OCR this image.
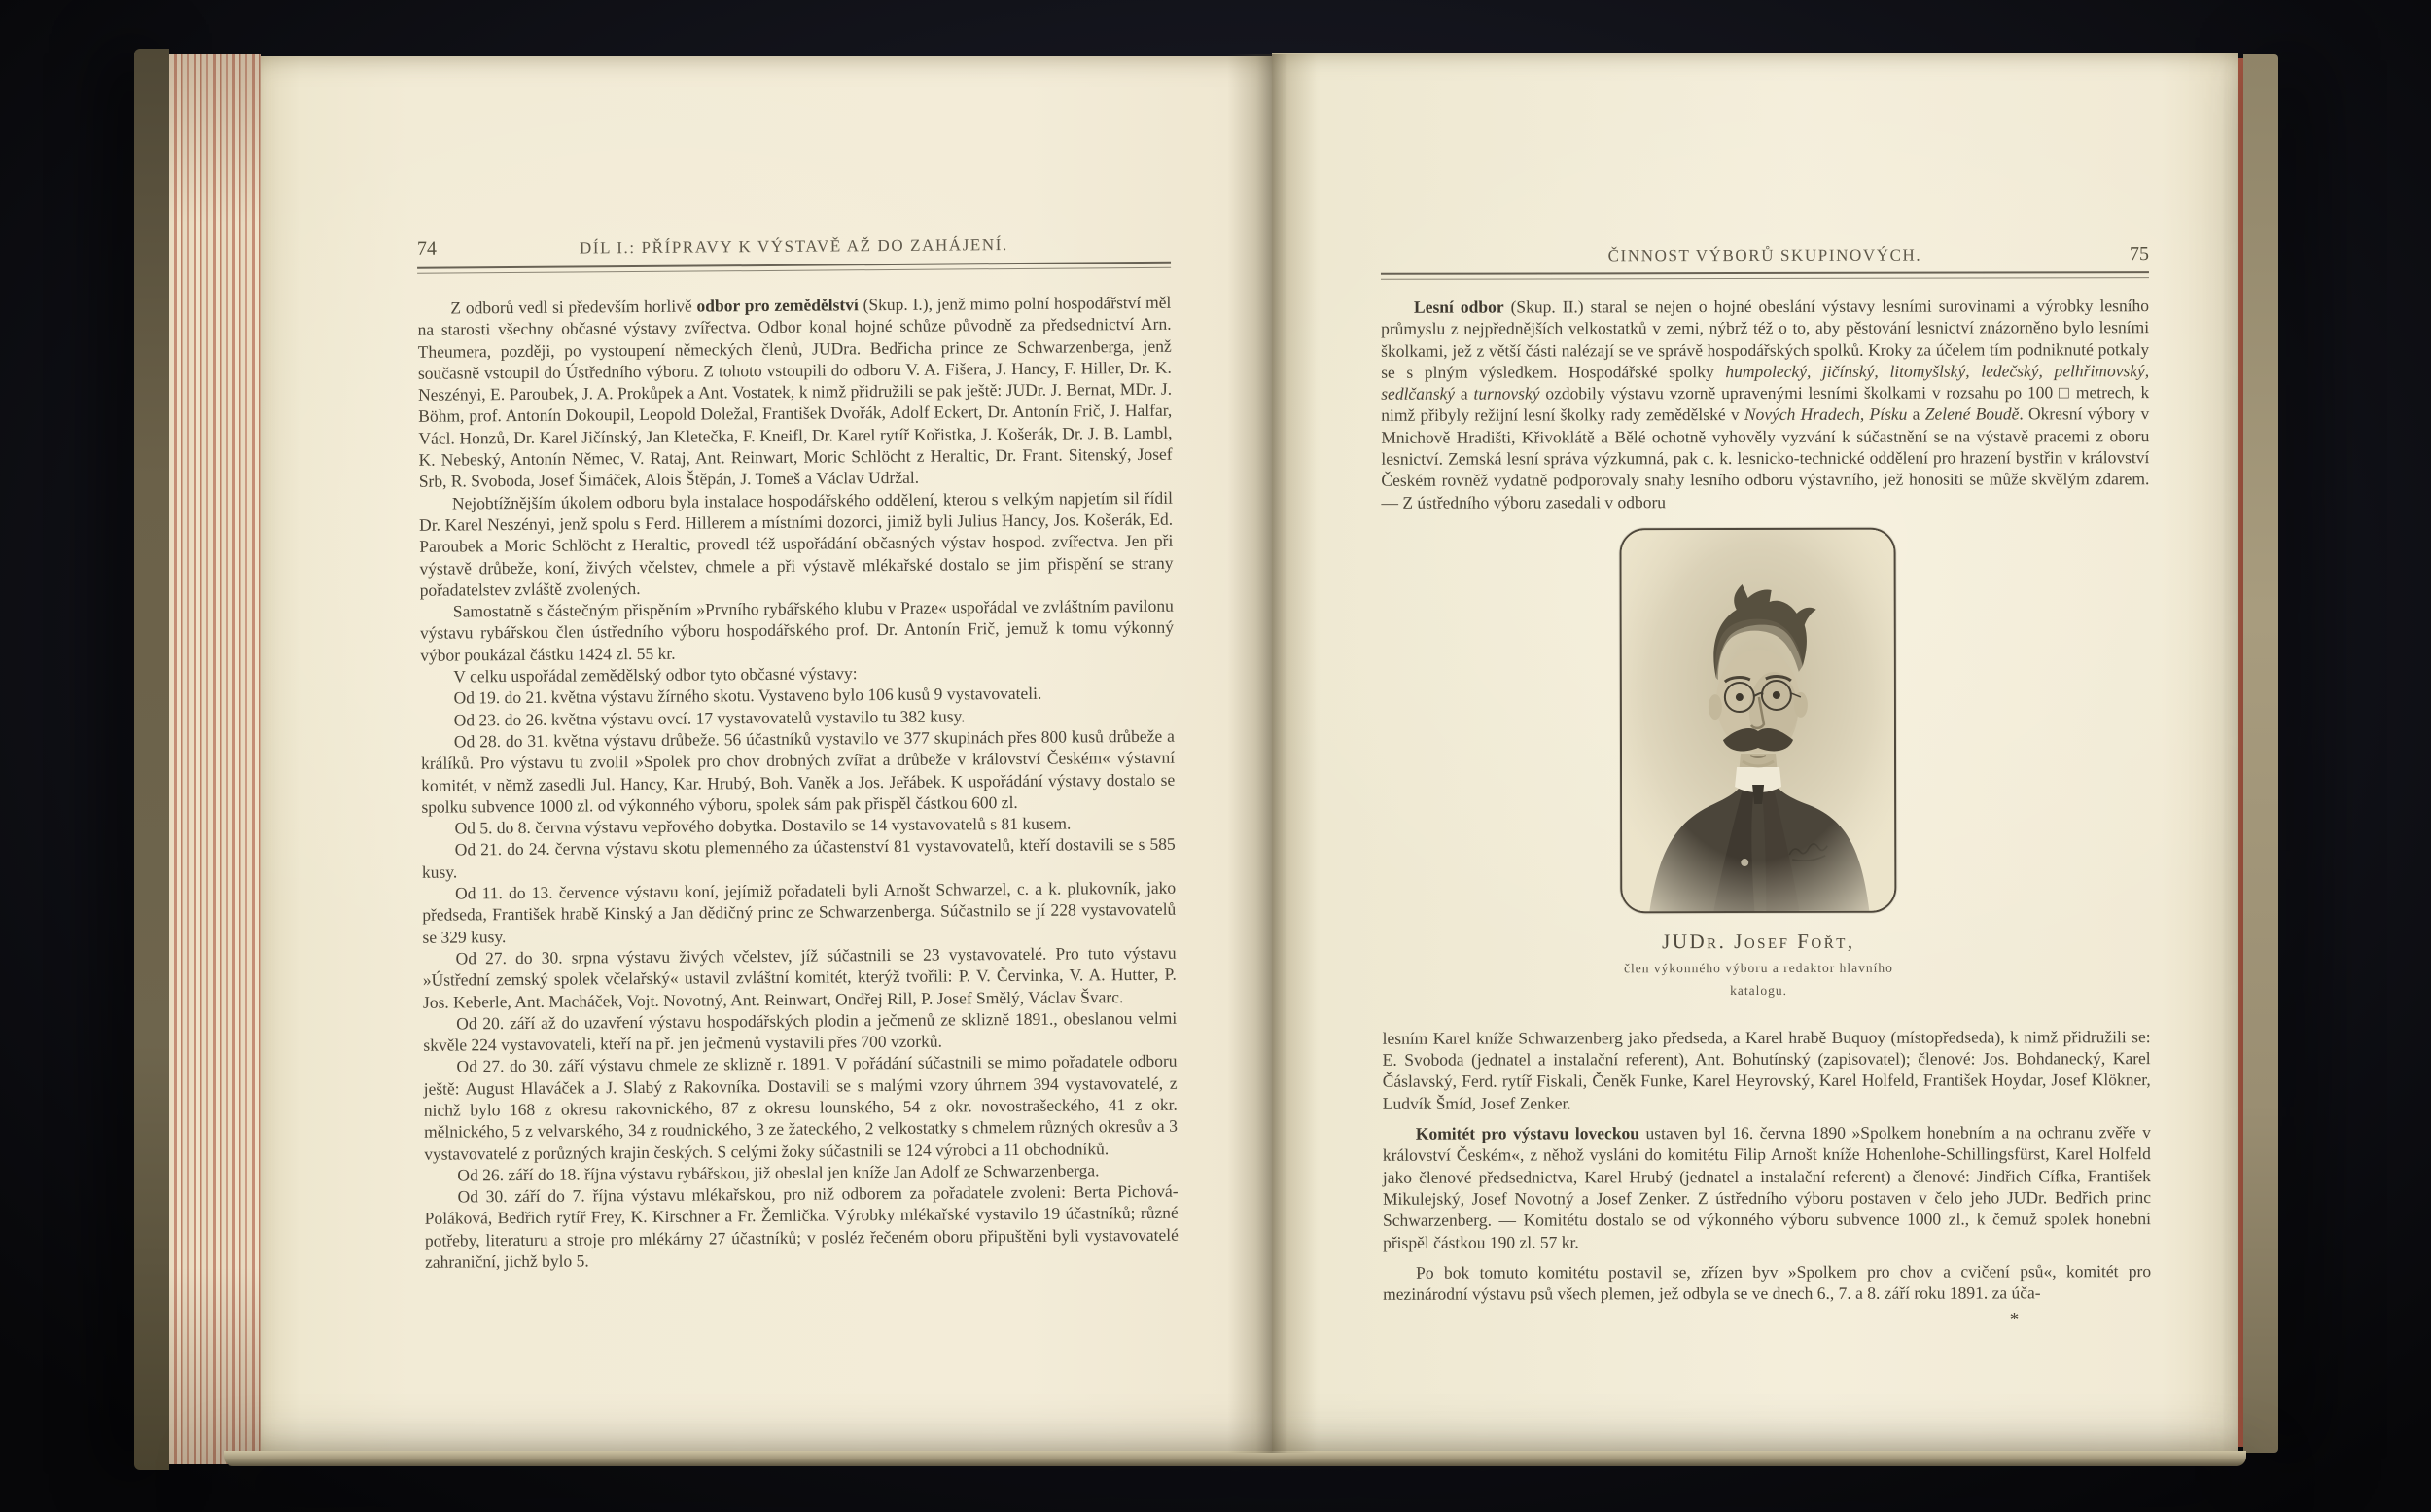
74	DÍL I.: PŘÍPRAVY K VÝSTAVĚ AŽ DO ZAHÁJENÍ.

Z odborů vedl si především horlivě odbor pro zemědělství (Skup. I.), jenž mimo polní hospodářství měl na starosti všechny občasné výstavy zvířectva. Odbor konal hojné schůze původně za předsednictví Arn. Theumera, později, po vystoupení německých členů, JUDra. Bedřicha prince ze Schwarzenberga, jenž současně vstoupil do Ústředního výboru. Z tohoto vstoupili do odboru V. A. Fišera, J. Hancy, F. Hiller, Dr. K. Neszényi, E. Paroubek, J. A. Prokůpek a Ant. Vostatek, k nimž přidružili se pak ještě: JUDr. J. Bernat, MDr. J. Böhm, prof. Antonín Dokoupil, Leopold Doležal, František Dvořák, Adolf Eckert, Dr. Antonín Frič, J. Halfar, Václ. Honzů, Dr. Karel Jičínský, Jan Kletečka, F. Kneifl, Dr. Karel rytíř Kořistka, J. Košerák, Dr. J. B. Lambl, K. Nebeský, Antonín Němec, V. Rataj, Ant. Reinwart, Moric Schlöcht z Heraltic, Dr. Frant. Sitenský, Josef Srb, R. Svoboda, Josef Šimáček, Alois Štěpán, J. Tomeš a Václav Udržal.

Nejobtížnějším úkolem odboru byla instalace hospodářského oddělení, kterou s velkým napjetím sil řídil Dr. Karel Neszényi, jenž spolu s Ferd. Hillerem a místními dozorci, jimiž byli Julius Hancy, Jos. Košerák, Ed. Paroubek a Moric Schlöcht z Heraltic, provedl též uspořádání občasných výstav hospod. zvířectva. Jen při výstavě drůbeže, koní, živých včelstev, chmele a při výstavě mlékařské dostalo se jim přispění se strany pořadatelstev zvláště zvolených.

Samostatně s částečným přispěním »Prvního rybářského klubu v Praze« uspořádal ve zvláštním pavilonu výstavu rybářskou člen ústředního výboru hospodářského prof. Dr. Antonín Frič, jemuž k tomu výkonný výbor poukázal částku 1424 zl. 55 kr.

V celku uspořádal zemědělský odbor tyto občasné výstavy:

Od 19. do 21. května výstavu žírného skotu. Vystaveno bylo 106 kusů 9 vystavovateli.

Od 23. do 26. května výstavu ovcí. 17 vystavovatelů vystavilo tu 382 kusy.

Od 28. do 31. května výstavu drůbeže. 56 účastníků vystavilo ve 377 skupinách přes 800 kusů drůbeže a králíků. Pro výstavu tu zvolil »Spolek pro chov drobných zvířat a drůbeže v království Českém« výstavní komitét, v němž zasedli Jul. Hancy, Kar. Hrubý, Boh. Vaněk a Jos. Jeřábek. K uspořádání výstavy dostalo se spolku subvence 1000 zl. od výkonného výboru, spolek sám pak přispěl částkou 600 zl.

Od 5. do 8. června výstavu vepřového dobytka. Dostavilo se 14 vystavovatelů s 81 kusem.

Od 21. do 24. června výstavu skotu plemenného za účastenství 81 vystavovatelů, kteří dostavili se s 585 kusy.

Od 11. do 13. července výstavu koní, jejímiž pořadateli byli Arnošt Schwarzel, c. a k. plukovník, jako předseda, František hrabě Kinský a Jan dědičný princ ze Schwarzenberga. Súčastnilo se jí 228 vystavovatelů se 329 kusy.

Od 27. do 30. srpna výstavu živých včelstev, jíž súčastnili se 23 vystavovatelé. Pro tuto výstavu »Ústřední zemský spolek včelařský« ustavil zvláštní komitét, kterýž tvořili: P. V. Červinka, V. A. Hutter, P. Jos. Keberle, Ant. Macháček, Vojt. Novotný, Ant. Reinwart, Ondřej Rill, P. Josef Smělý, Václav Švarc.

Od 20. září až do uzavření výstavu hospodářských plodin a ječmenů ze sklizně 1891., obeslanou velmi skvěle 224 vystavovateli, kteří na př. jen ječmenů vystavili přes 700 vzorků.

Od 27. do 30. září výstavu chmele ze sklizně r. 1891. V pořádání súčastnili se mimo pořadatele odboru ještě: August Hlaváček a J. Slabý z Rakovníka. Dostavili se s malými vzory úhrnem 394 vystavovatelé, z nichž bylo 168 z okresu rakovnického, 87 z okresu lounského, 54 z okr. novostrašeckého, 41 z okr. mělnického, 5 z velvarského, 34 z roudnického, 3 ze žateckého, 2 velkostatky s chmelem různých okresův a 3 vystavovatelé z porůzných krajin českých. S celými žoky súčastnili se 124 výrobci a 11 obchodníků.

Od 26. září do 18. října výstavu rybářskou, již obeslal jen kníže Jan Adolf ze Schwarzenberga.

Od 30. září do 7. října výstavu mlékařskou, pro niž odborem za pořadatele zvoleni: Berta Pichová-Poláková, Bedřich rytíř Frey, K. Kirschner a Fr. Žemlička. Výrobky mlékařské vystavilo 19 účastníků; různé potřeby, literaturu a stroje pro mlékárny 27 účastníků; v posléz řečeném oboru připuštěni byli vystavovatelé zahraniční, jichž bylo 5.

ČINNOST VÝBORŮ SKUPINOVÝCH.	75

Lesní odbor (Skup. II.) staral se nejen o hojné obeslání výstavy lesními surovinami a výrobky lesního průmyslu z nejpřednějších velkostatků v zemi, nýbrž též o to, aby pěstování lesnictví znázorněno bylo lesními školkami, jež z větší části nalézají se ve správě hospodářských spolků. Kroky za účelem tím podniknuté potkaly se s plným výsledkem. Hospodářské spolky humpolecký, jičínský, litomyšlský, ledečský, pelhřimovský, sedlčanský a turnovský ozdobily výstavu vzorně upravenými lesními školkami v rozsahu po 100 □ metrech, k nimž přibyly režijní lesní školky rady zemědělské v Nových Hradech, Písku a Zelené Boudě. Okresní výbory v Mnichově Hradišti, Křivoklátě a Bělé ochotně vyhověly vyzvání k súčastnění se na výstavě pracemi z oboru lesnictví. Zemská lesní správa výzkumná, pak c. k. lesnicko-technické oddělení pro hrazení bystřin v království Českém rovněž vydatně podporovaly snahy lesního odboru výstavního, jež honositi se může skvělým zdarem. — Z ústředního výboru zasedali v odboru

JUDr. Josef Fořt,
člen výkonného výboru a redaktor hlavního katalogu.

lesním Karel kníže Schwarzenberg jako předseda, a Karel hrabě Buquoy (místopředseda), k nimž přidružili se: E. Svoboda (jednatel a instalační referent), Ant. Bohutínský (zapisovatel); členové: Jos. Bohdanecký, Karel Čáslavský, Ferd. rytíř Fiskali, Čeněk Funke, Karel Heyrovský, Karel Holfeld, František Hoydar, Josef Klökner, Ludvík Šmíd, Josef Zenker.

Komitét pro výstavu loveckou ustaven byl 16. června 1890 »Spolkem honebním a na ochranu zvěře v království Českém«, z něhož vysláni do komitétu Filip Arnošt kníže Hohenlohe-Schillingsfürst, Karel Holfeld jako členové předsednictva, Karel Hrubý (jednatel a instalační referent) a členové: Jindřich Cífka, František Mikulejský, Josef Novotný a Josef Zenker. Z ústředního výboru postaven v čelo jeho JUDr. Bedřich princ Schwarzenberg. — Komitétu dostalo se od výkonného výboru subvence 1000 zl., k čemuž spolek honební přispěl částkou 190 zl. 57 kr.

Po bok tomuto komitétu postavil se, zřízen byv »Spolkem pro chov a cvičení psů«, komitét pro mezinárodní výstavu psů všech plemen, jež odbyla se ve dnech 6., 7. a 8. září roku 1891. za úča-

*
